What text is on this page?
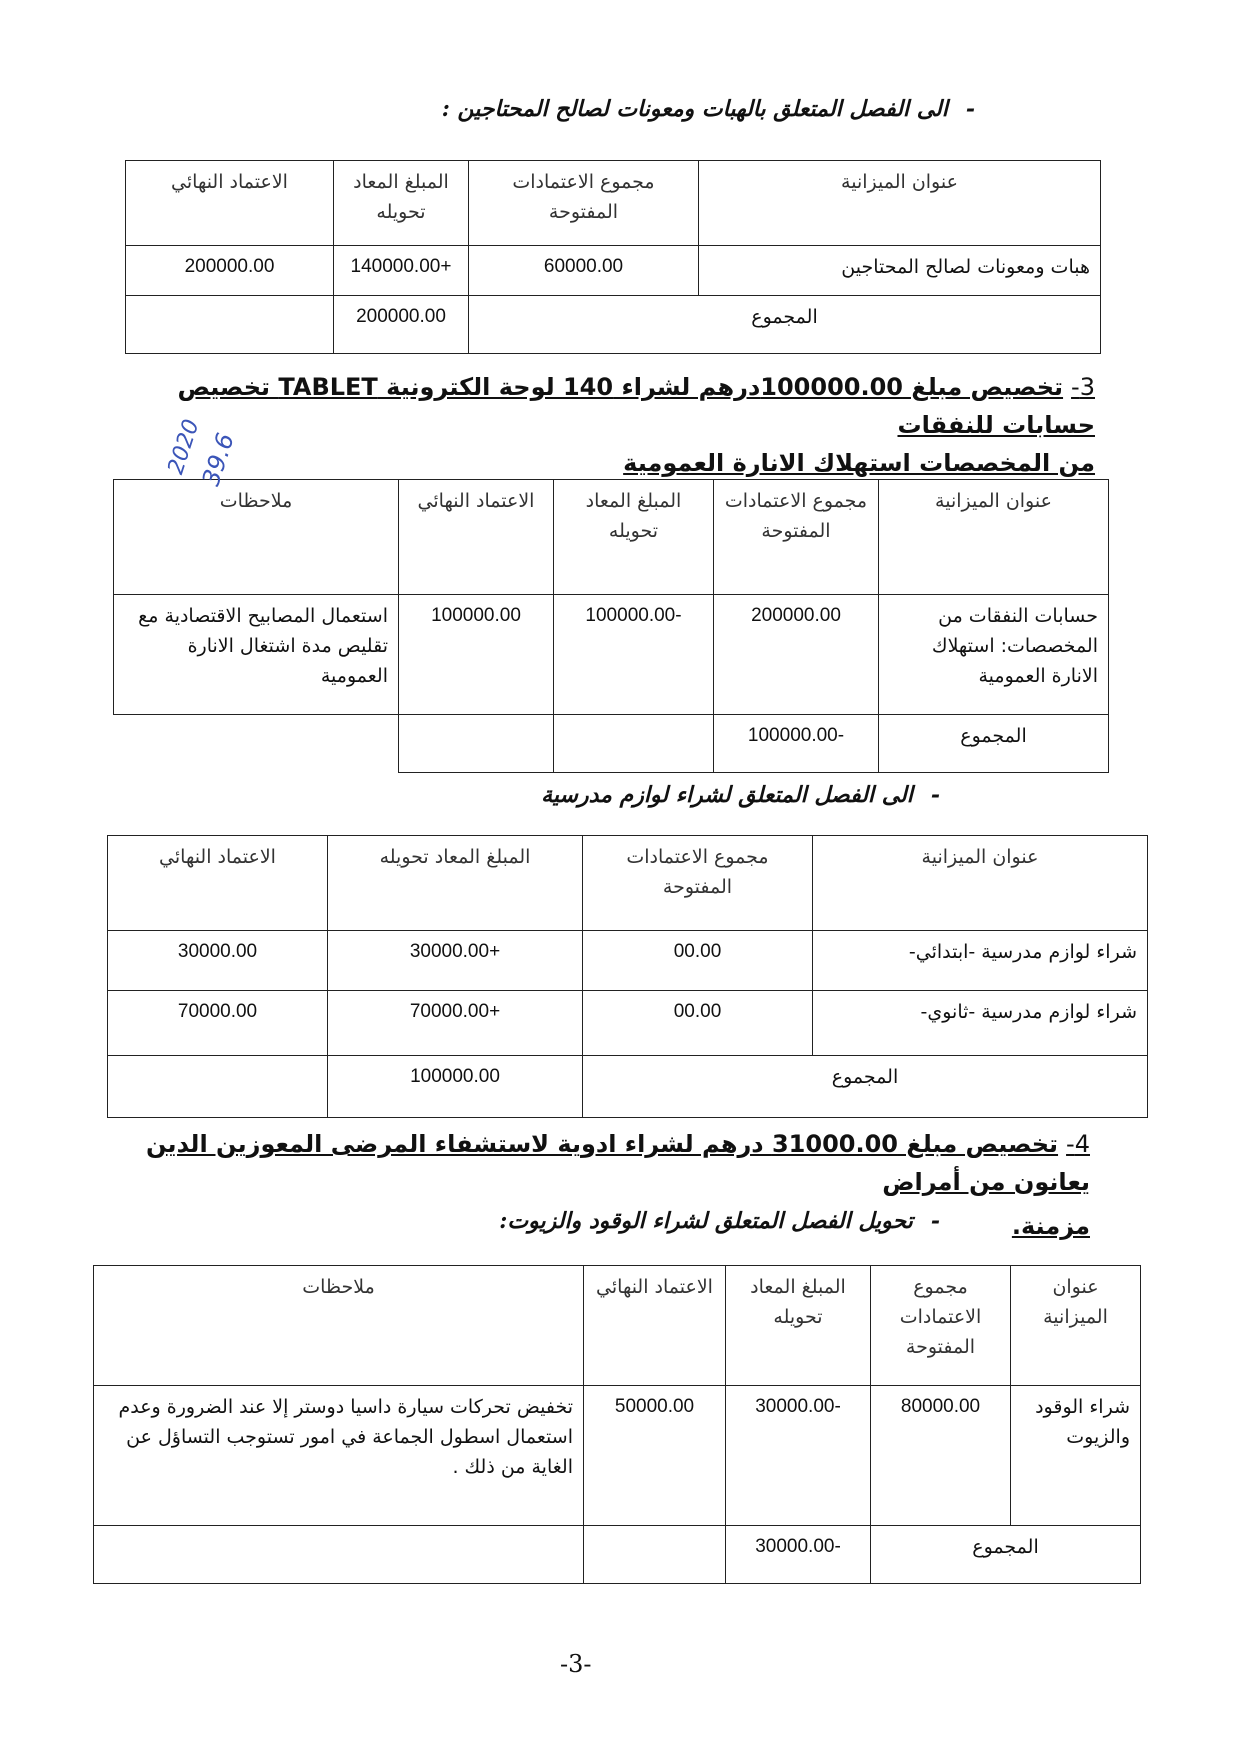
-الى الفصل المتعلق بالهبات ومعونات لصالح المحتاجين :
عنوان الميزانية	مجموع الاعتمادات المفتوحة	المبلغ المعاد تحويله	الاعتماد النهائي
هبات ومعونات لصالح المحتاجين	60000.00	+140000.00	200000.00
المجموع		200000.00	
3-تخصيص مبلغ 100000.00درهم لشراء 140 لوحة الكترونية TABLET تخصيص حسابات للنفقات
من المخصصات استهلاك الانارة العمومية
عنوان الميزانية	مجموع الاعتمادات المفتوحة	المبلغ المعاد تحويله	الاعتماد النهائي	ملاحظات
حسابات النفقات من المخصصات: استهلاك الانارة العمومية	200000.00	-100000.00	100000.00	استعمال المصابيح الاقتصادية مع تقليص مدة اشتغال الانارة العمومية
المجموع	-100000.00			
-الى الفصل المتعلق لشراء لوازم مدرسية
عنوان الميزانية	مجموع الاعتمادات المفتوحة	المبلغ المعاد تحويله	الاعتماد النهائي
شراء لوازم مدرسية -ابتدائي-	00.00	+30000.00	30000.00
شراء لوازم مدرسية -ثانوي-	00.00	+70000.00	70000.00
المجموع		100000.00	
4-تخصيص مبلغ 31000.00 درهم لشراء ادوية لاستشفاء المرضى المعوزين الدين يعانون من أمراض
مزمنة.
-تحويل الفصل المتعلق لشراء الوقود والزيوت:
عنوان الميزانية	مجموع الاعتمادات المفتوحة	المبلغ المعاد تحويله	الاعتماد النهائي	ملاحظات
شراء الوقود والزيوت	80000.00	-30000.00	50000.00	تخفيض تحركات سيارة داسيا دوستر إلا عند الضرورة وعدم استعمال اسطول الجماعة في امور تستوجب التساؤل عن الغاية من ذلك .
المجموع		-30000.00		
2020
39.6
-3-
